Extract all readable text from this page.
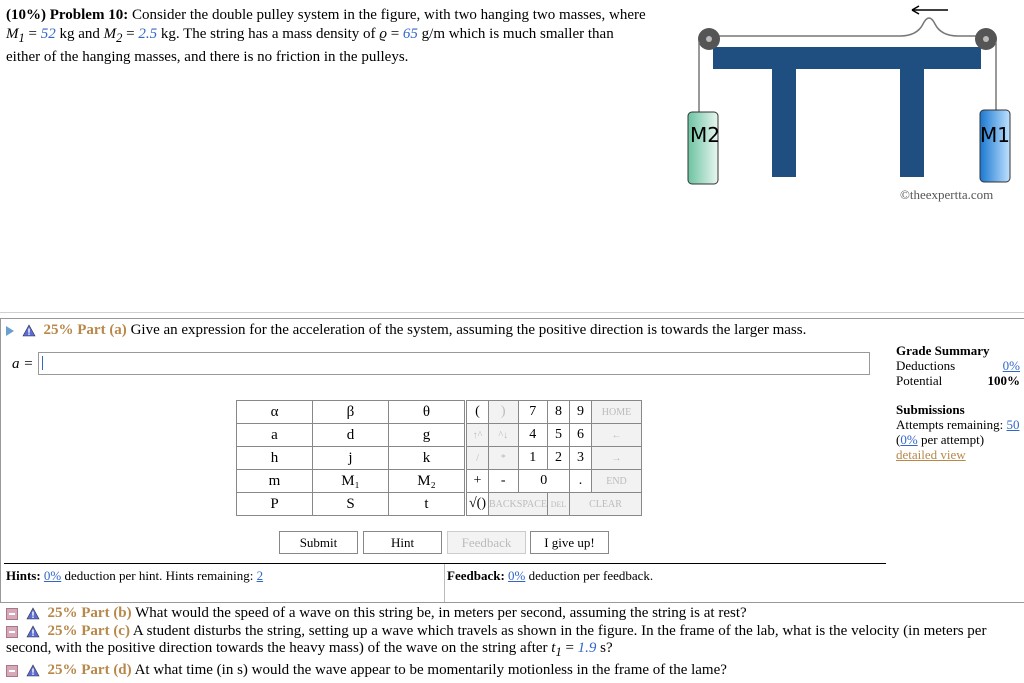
(10%) Problem 10: Consider the double pulley system in the figure, with two hanging two masses, where $M_1 = 52$ kg and $M_2 = 2.5$ kg. The string has a mass density of ϱ = 65 g/m which is much smaller than either of the hanging masses, and there is no friction in the pulleys.
M2	M1
©theexpertta.com
25% Part (a) Give an expression for the acceleration of the system, assuming the positive direction is towards the larger mass.
a =
Grade Summary
Deductions	0%
Potential	100%
Submissions
Attempts remaining: 50
(0% per attempt)
detailed view
α	β	θ
a	d	g
h	j	k
m	M₁	M₂
P	S	t
(	)	7	8	9	HOME
↑^	^↓	4	5	6	←
/	*	1	2	3	→
+	-	0		.	END
√()	BACKSPACE		DEL	CLEAR	
Submit	Hint	Feedback	I give up!
Hints: 0% deduction per hint. Hints remaining: 2	Feedback: 0% deduction per feedback.
25% Part (b) What would the speed of a wave on this string be, in meters per second, assuming the string is at rest?
25% Part (c) A student disturbs the string, setting up a wave which travels as shown in the figure. In the frame of the lab, what is the velocity (in meters per second, with the positive direction towards the heavy mass) of the wave on the string after $t_1 = 1.9$ s?
25% Part (d) At what time (in s) would the wave appear to be momentarily motionless in the frame of the lame?
